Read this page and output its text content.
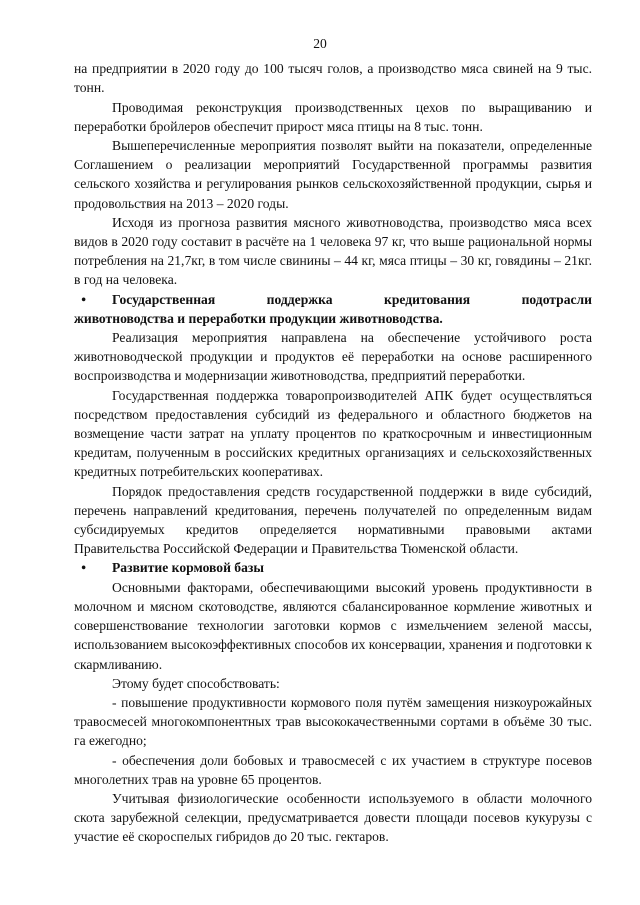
20

на предприятии в 2020 году до 100 тысяч голов, а производство мяса свиней на 9 тыс. тонн.

Проводимая реконструкция производственных цехов по выращиванию и переработки бройлеров обеспечит прирост мяса птицы на 8 тыс. тонн.

Вышеперечисленные мероприятия позволят выйти на показатели, определенные Соглашением о реализации мероприятий Государственной программы развития сельского хозяйства и регулирования рынков сельскохозяйственной продукции, сырья и продовольствия на 2013 – 2020 годы.

Исходя из прогноза развития мясного животноводства, производство мяса всех видов в 2020 году составит в расчёте на 1 человека 97 кг, что выше рациональной нормы потребления на 21,7кг, в том числе свинины – 44 кг, мяса птицы – 30 кг, говядины – 21кг. в год на человека.

•	Государственная поддержка кредитования подотрасли
животноводства и переработки продукции животноводства.

Реализация мероприятия направлена на обеспечение устойчивого роста животноводческой продукции и продуктов её переработки на основе расширенного воспроизводства и модернизации животноводства, предприятий переработки.

Государственная поддержка товаропроизводителей АПК будет осуществляться посредством предоставления субсидий из федерального и областного бюджетов на возмещение части затрат на уплату процентов по краткосрочным и инвестиционным кредитам, полученным в российских кредитных организациях и сельскохозяйственных кредитных потребительских кооперативах.

Порядок предоставления средств государственной поддержки в виде субсидий, перечень направлений кредитования, перечень получателей по определенным видам субсидируемых кредитов определяется нормативными правовыми актами Правительства Российской Федерации и Правительства Тюменской области.

•	Развитие кормовой базы

Основными факторами, обеспечивающими высокий уровень продуктивности в молочном и мясном скотоводстве, являются сбалансированное кормление животных и совершенствование технологии заготовки кормов с измельчением зеленой массы, использованием высокоэффективных способов их консервации, хранения и подготовки к скармливанию.

Этому будет способствовать:

- повышение продуктивности кормового поля путём замещения низкоурожайных травосмесей многокомпонентных трав высококачественными сортами в объёме 30 тыс. га ежегодно;

- обеспечения доли бобовых и травосмесей с их участием в структуре посевов многолетних трав на уровне 65 процентов.

Учитывая физиологические особенности используемого в области молочного скота зарубежной селекции, предусматривается довести площади посевов кукурузы с участие её скороспелых гибридов до 20 тыс. гектаров.
